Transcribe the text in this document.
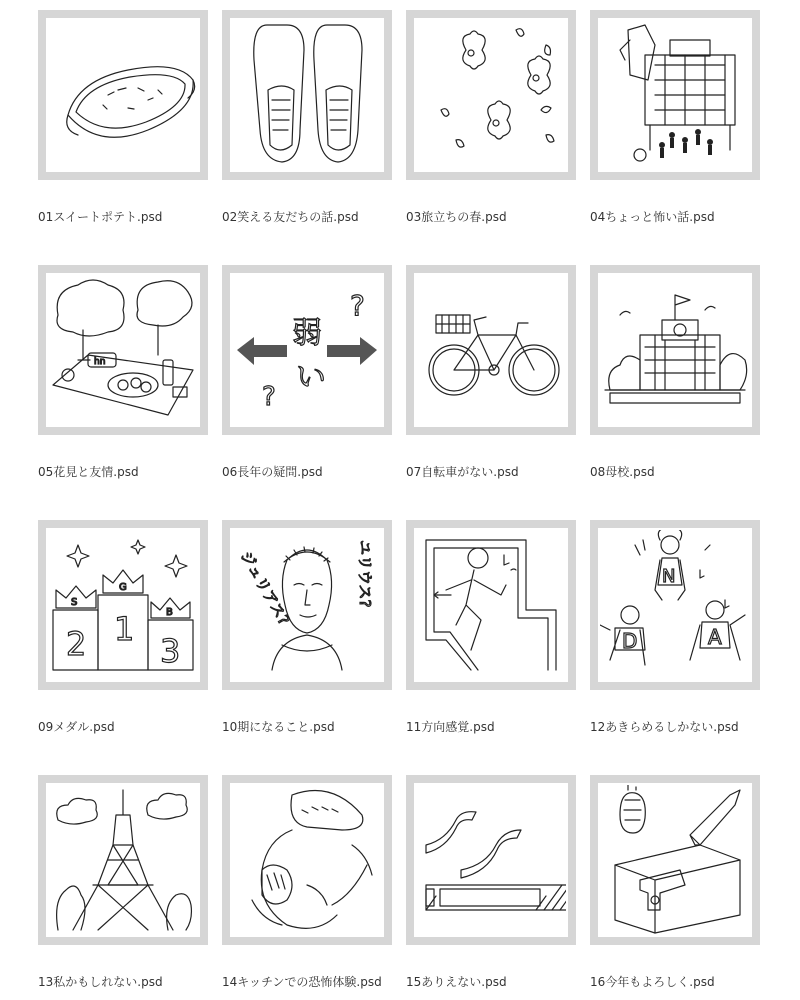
01スイートポテト.psd	02笑える友だちの話.psd	03旅立ちの春.psd	04ちょっと怖い話.psd
hn
05花見と友情.psd
弱
い
?
?
06長年の疑問.psd	07自転車がない.psd	08母校.psd
2 1
3
S
G
B
09メダル.psd
ジュリアス?	ユリウス?
10期になること.psd	11方向感覚.psd
D
N
A
12あきらめるしかない.psd
13私かもしれない.psd	14キッチンでの恐怖体験.psd	15ありえない.psd	16今年もよろしく.psd
